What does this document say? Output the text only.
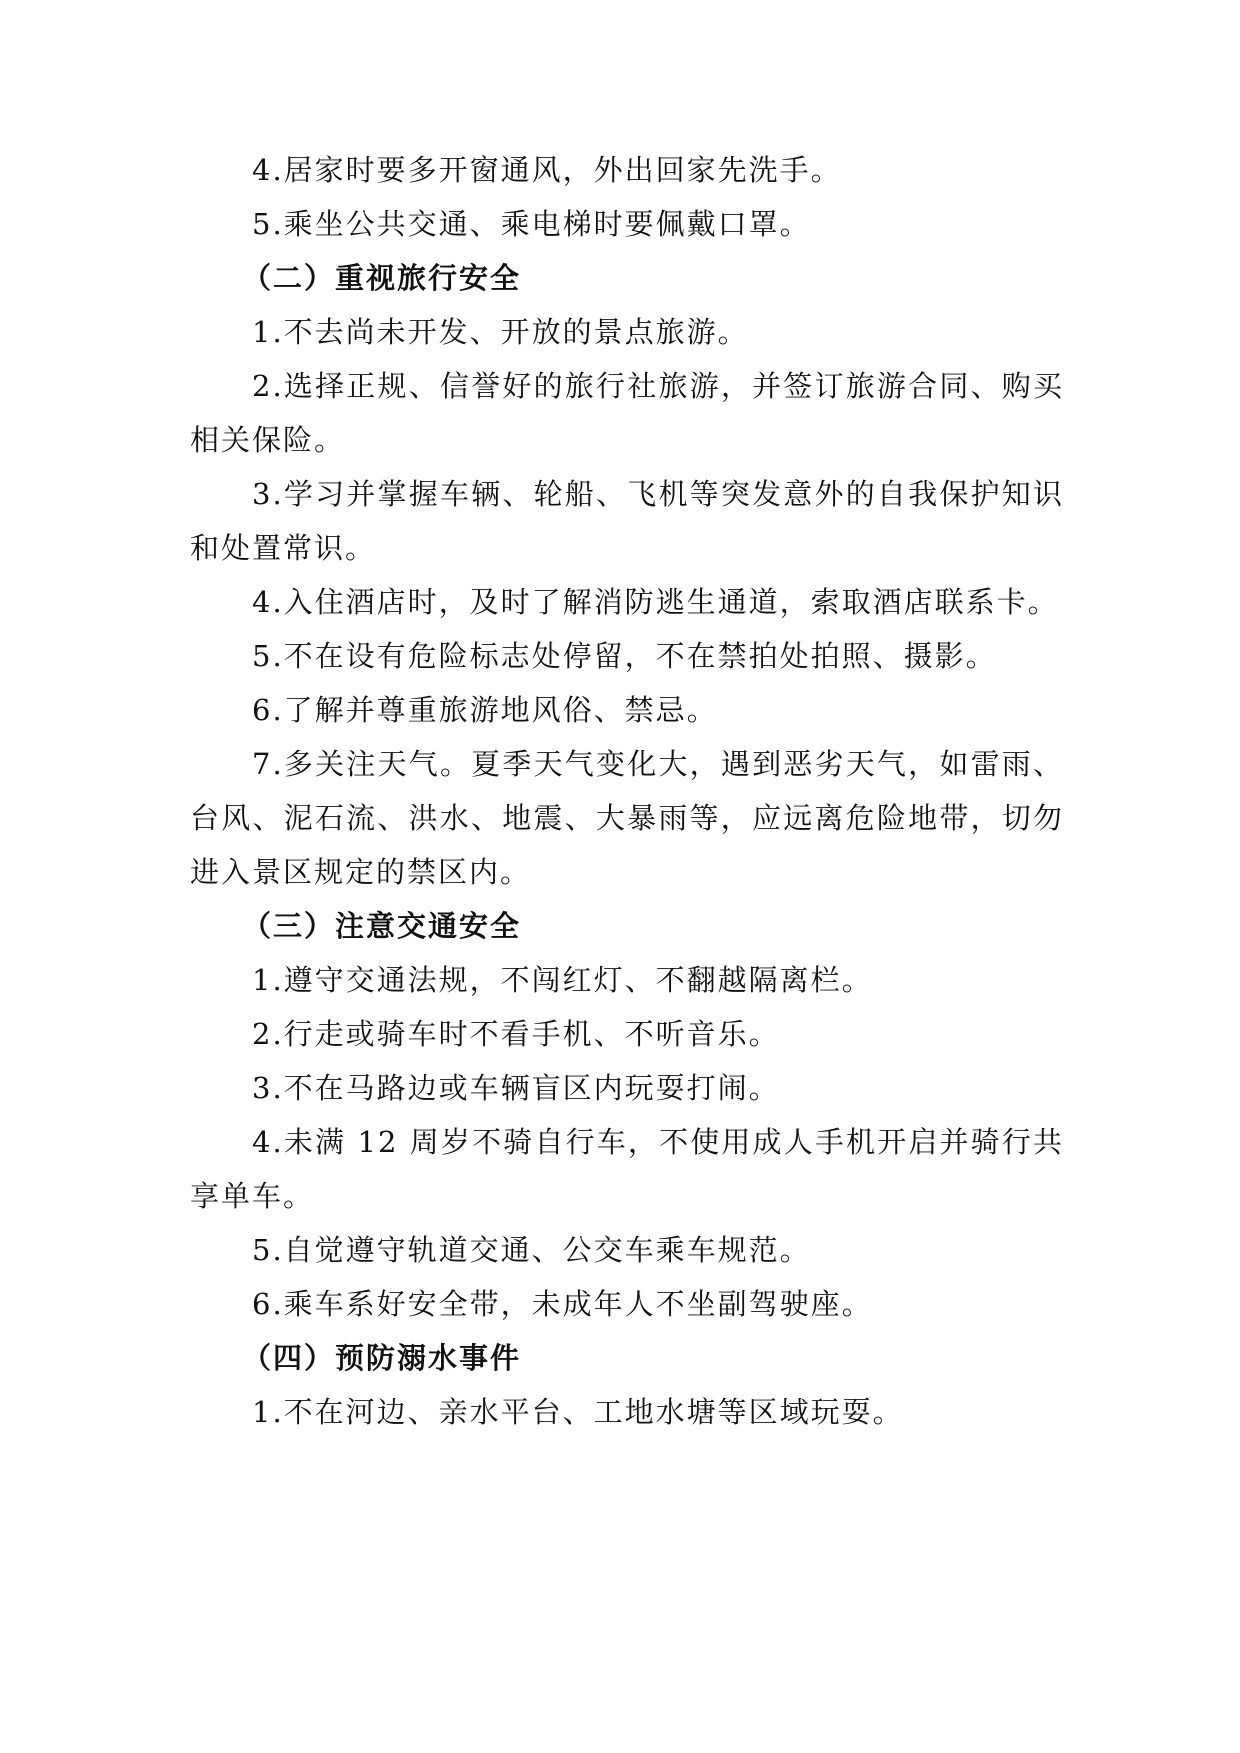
4.居家时要多开窗通风，外出回家先洗手。
5.乘坐公共交通、乘电梯时要佩戴口罩。
（二）重视旅行安全
1.不去尚未开发、开放的景点旅游。
2.选择正规、信誉好的旅行社旅游，并签订旅游合同、购买
相关保险。
3.学习并掌握车辆、轮船、飞机等突发意外的自我保护知识
和处置常识。
4.入住酒店时，及时了解消防逃生通道，索取酒店联系卡。
5.不在设有危险标志处停留，不在禁拍处拍照、摄影。
6.了解并尊重旅游地风俗、禁忌。
7.多关注天气。夏季天气变化大，遇到恶劣天气，如雷雨、
台风、泥石流、洪水、地震、大暴雨等，应远离危险地带，切勿
进入景区规定的禁区内。
（三）注意交通安全
1.遵守交通法规，不闯红灯、不翻越隔离栏。
2.行走或骑车时不看手机、不听音乐。
3.不在马路边或车辆盲区内玩耍打闹。
4.未满 12 周岁不骑自行车，不使用成人手机开启并骑行共
享单车。
5.自觉遵守轨道交通、公交车乘车规范。
6.乘车系好安全带，未成年人不坐副驾驶座。
（四）预防溺水事件
1.不在河边、亲水平台、工地水塘等区域玩耍。
